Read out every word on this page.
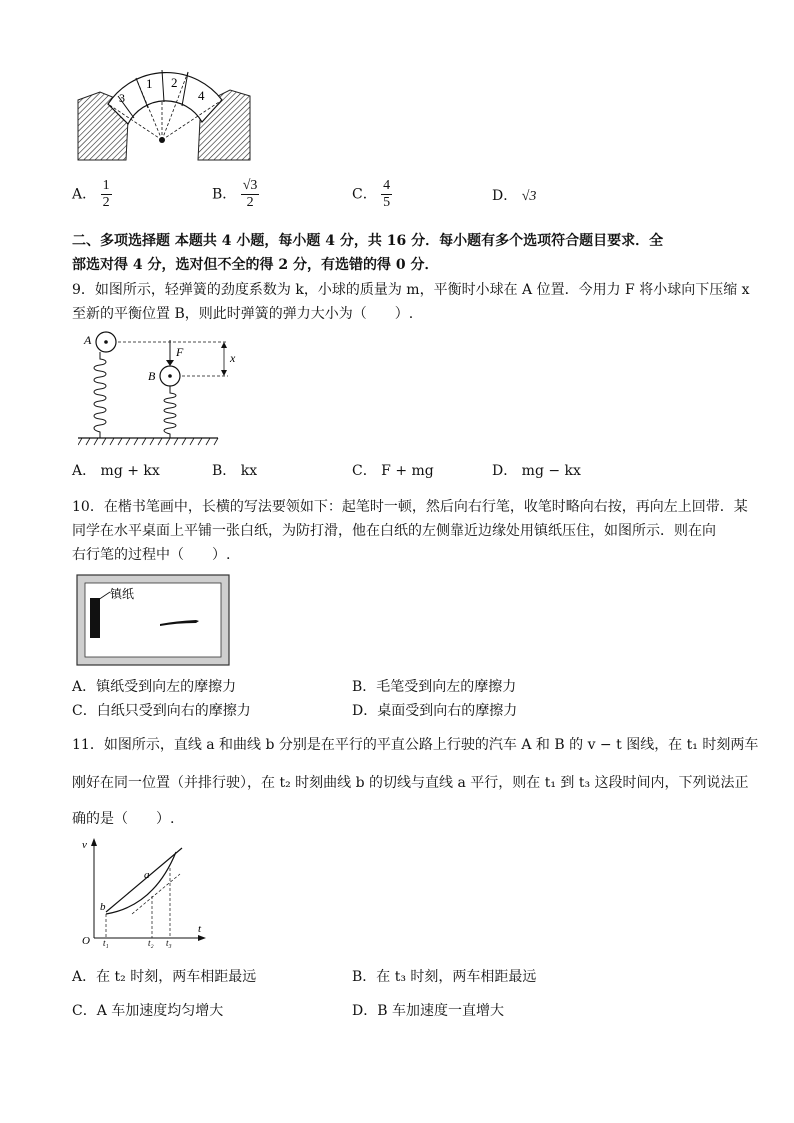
1 2
3	4
A． $\frac{1}{2}$	B． $\frac{√3}{2}$	C． $\frac{4}{5}$	D． √3
二、多项选择题 本题共 4 小题，每小题 4 分，共 16 分．每小题有多个选项符合题目要求．全
部选对得 4 分，选对但不全的得 2 分，有选错的得 0 分．
9．如图所示，轻弹簧的劲度系数为 k，小球的质量为 m，平衡时小球在 A 位置．今用力 F 将小球向下压缩 x
至新的平衡位置 B，则此时弹簧的弹力大小为（　　）.
A
B
F	x
A． mg + kx	B． kx	C． F + mg	D． mg − kx
10．在楷书笔画中，长横的写法要领如下：起笔时一顿，然后向右行笔，收笔时略向右按，再向左上回带．某
同学在水平桌面上平铺一张白纸，为防打滑，他在白纸的左侧靠近边缘处用镇纸压住，如图所示．则在向
右行笔的过程中（　　）.
镇纸
A．镇纸受到向左的摩擦力	B．毛笔受到向左的摩擦力
C．白纸只受到向右的摩擦力	D．桌面受到向右的摩擦力
11．如图所示，直线 a 和曲线 b 分别是在平行的平直公路上行驶的汽车 A 和 B 的 v − t 图线，在 t₁ 时刻两车
刚好在同一位置（并排行驶），在 t₂ 时刻曲线 b 的切线与直线 a 平行，则在 t₁ 到 t₃ 这段时间内，下列说法正
确的是（　　）.
v
t
O
a
b
t₁	t₂ t₃
A．在 t₂ 时刻，两车相距最远	B．在 t₃ 时刻，两车相距最远
C．A 车加速度均匀增大	D．B 车加速度一直增大
